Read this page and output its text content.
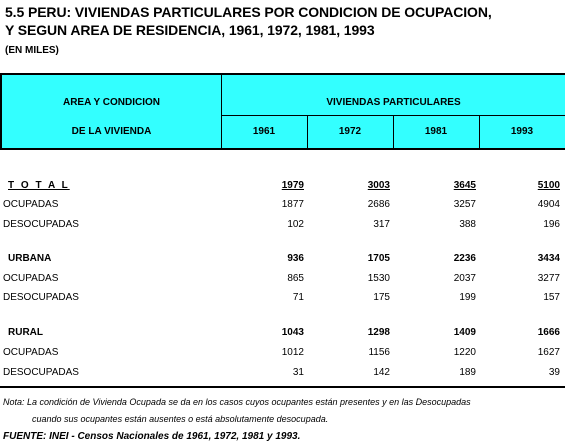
5.5 PERU: VIVIENDAS PARTICULARES POR CONDICION DE OCUPACION,
Y SEGUN AREA DE RESIDENCIA, 1961, 1972, 1981, 1993
(EN MILES)
AREA Y CONDICION
DE LA VIVIENDA
VIVIENDAS PARTICULARES
1961	1972	1981	1993
T O T A L	1979	3003	3645	5100
OCUPADAS	1877	2686	3257	4904
DESOCUPADAS	102	317	388	196
URBANA	936	1705	2236	3434
OCUPADAS	865	1530	2037	3277
DESOCUPADAS	71	175	199	157
RURAL	1043	1298	1409	1666
OCUPADAS	1012	1156	1220	1627
DESOCUPADAS	31	142	189	39
Nota: La condición de Vivienda Ocupada se da en los casos cuyos ocupantes están presentes y en las Desocupadas
cuando sus ocupantes están ausentes o está absolutamente desocupada.
FUENTE: INEI - Censos Nacionales de 1961, 1972, 1981 y 1993.
